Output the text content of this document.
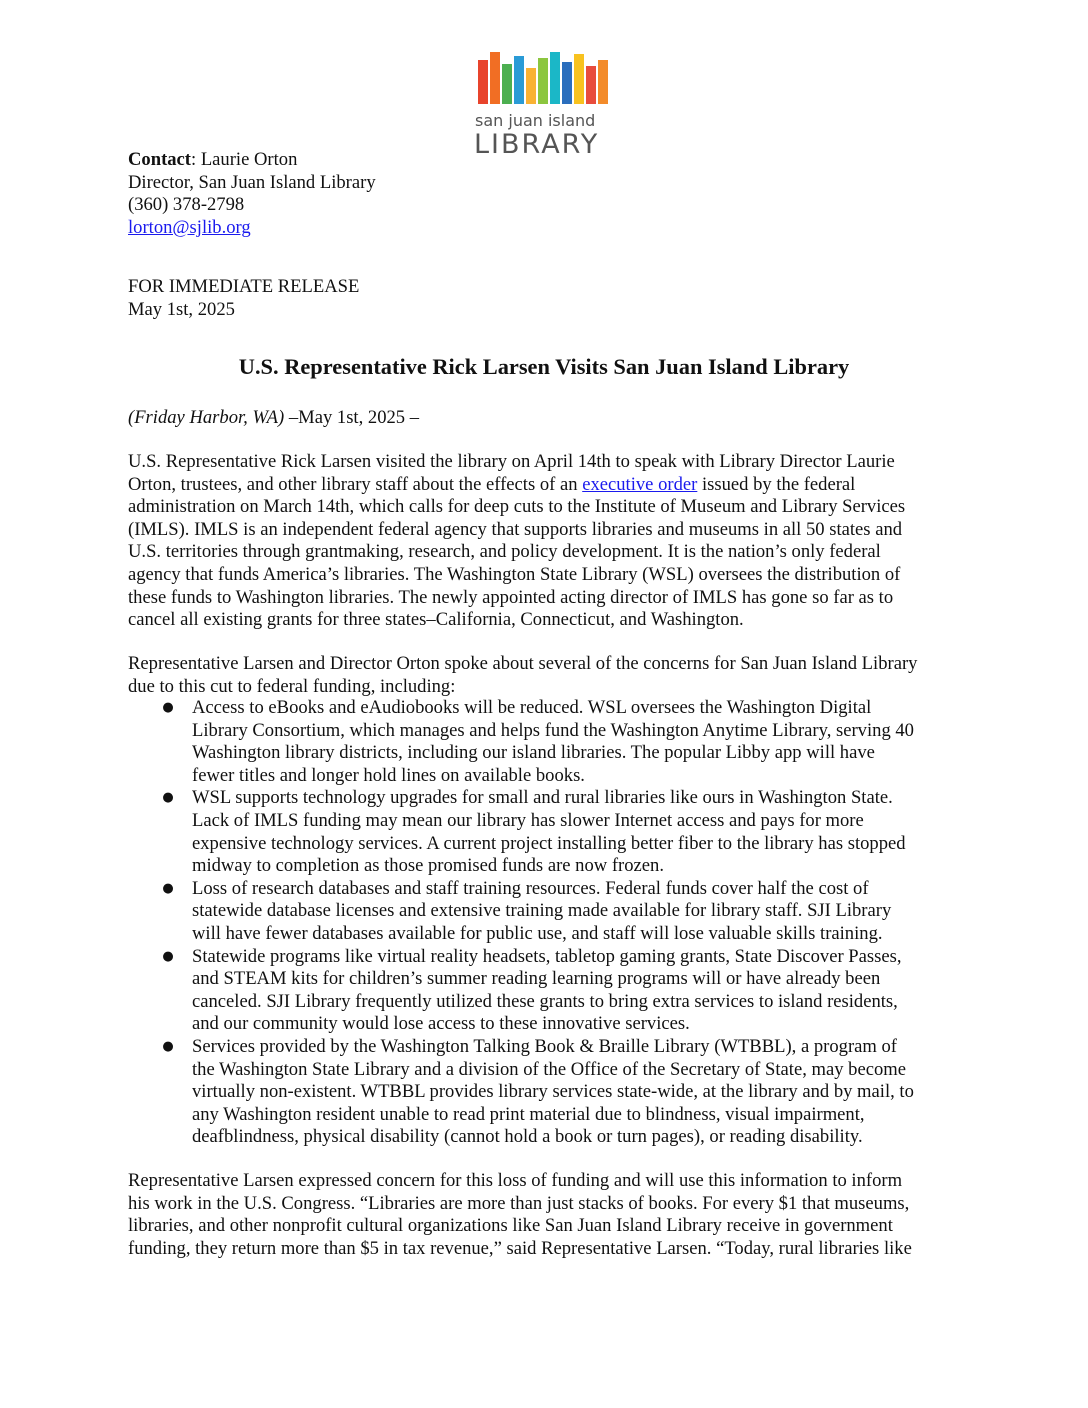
san juan island
LIBRARY
Contact: Laurie Orton
Director, San Juan Island Library
(360) 378-2798
lorton@sjlib.org
FOR IMMEDIATE RELEASE
May 1st, 2025
U.S. Representative Rick Larsen Visits San Juan Island Library
(Friday Harbor, WA) –May 1st, 2025 –
U.S. Representative Rick Larsen visited the library on April 14th to speak with Library Director Laurie
Orton, trustees, and other library staff about the effects of an executive order issued by the federal
administration on March 14th, which calls for deep cuts to the Institute of Museum and Library Services
(IMLS). IMLS is an independent federal agency that supports libraries and museums in all 50 states and
U.S. territories through grantmaking, research, and policy development. It is the nation’s only federal
agency that funds America’s libraries. The Washington State Library (WSL) oversees the distribution of
these funds to Washington libraries. The newly appointed acting director of IMLS has gone so far as to
cancel all existing grants for three states–California, Connecticut, and Washington.
Representative Larsen and Director Orton spoke about several of the concerns for San Juan Island Library
due to this cut to federal funding, including:
● Access to eBooks and eAudiobooks will be reduced. WSL oversees the Washington Digital
Library Consortium, which manages and helps fund the Washington Anytime Library, serving 40
Washington library districts, including our island libraries. The popular Libby app will have
fewer titles and longer hold lines on available books.
● WSL supports technology upgrades for small and rural libraries like ours in Washington State.
Lack of IMLS funding may mean our library has slower Internet access and pays for more
expensive technology services. A current project installing better fiber to the library has stopped
midway to completion as those promised funds are now frozen.
● Loss of research databases and staff training resources. Federal funds cover half the cost of
statewide database licenses and extensive training made available for library staff. SJI Library
will have fewer databases available for public use, and staff will lose valuable skills training.
● Statewide programs like virtual reality headsets, tabletop gaming grants, State Discover Passes,
and STEAM kits for children’s summer reading learning programs will or have already been
canceled. SJI Library frequently utilized these grants to bring extra services to island residents,
and our community would lose access to these innovative services.
● Services provided by the Washington Talking Book & Braille Library (WTBBL), a program of
the Washington State Library and a division of the Office of the Secretary of State, may become
virtually non-existent. WTBBL provides library services state-wide, at the library and by mail, to
any Washington resident unable to read print material due to blindness, visual impairment,
deafblindness, physical disability (cannot hold a book or turn pages), or reading disability.
Representative Larsen expressed concern for this loss of funding and will use this information to inform
his work in the U.S. Congress. “Libraries are more than just stacks of books. For every $1 that museums,
libraries, and other nonprofit cultural organizations like San Juan Island Library receive in government
funding, they return more than $5 in tax revenue,” said Representative Larsen. “Today, rural libraries like
